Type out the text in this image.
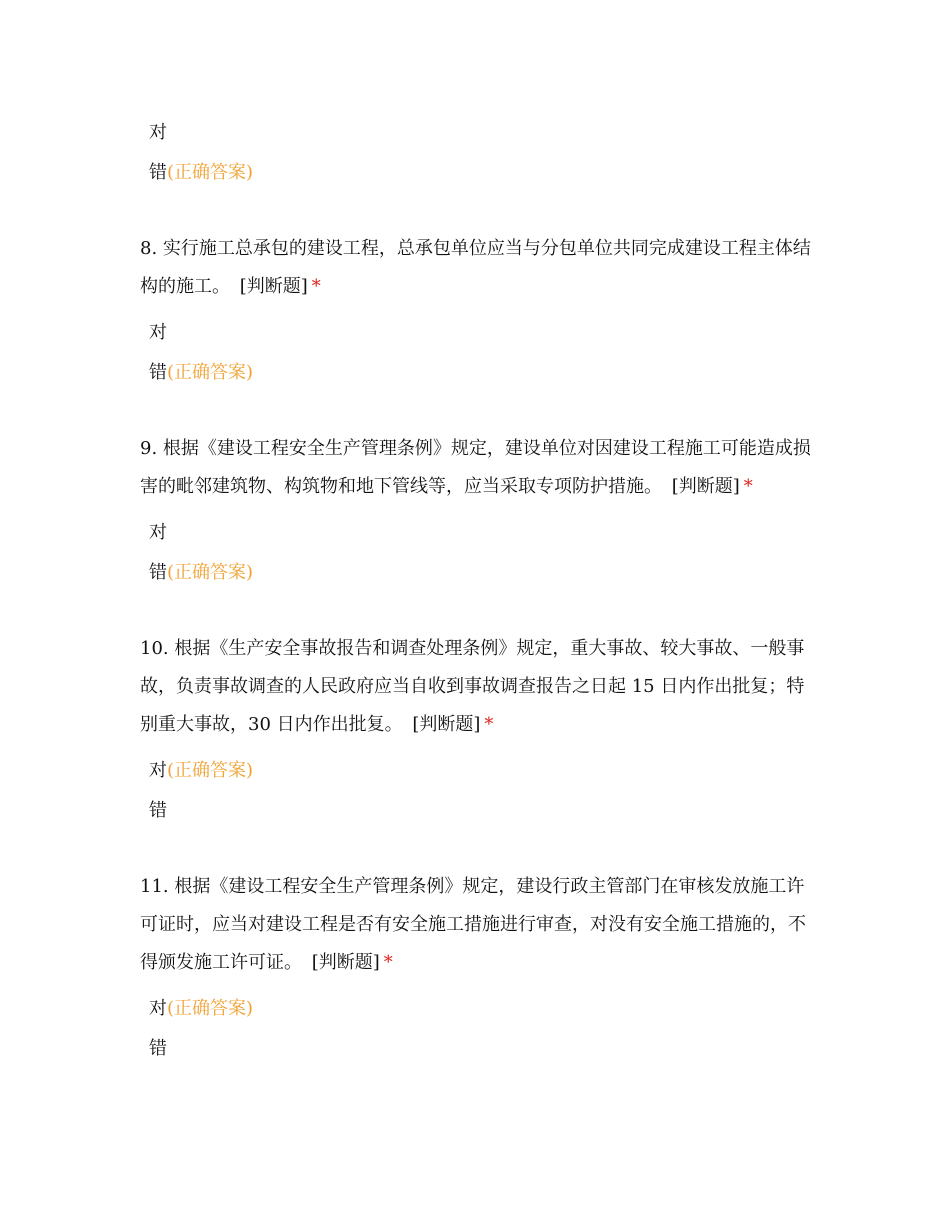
对
错(正确答案)
8. 实行施工总承包的建设工程，总承包单位应当与分包单位共同完成建设工程主体结构的施工。 [判断题] *
对
错(正确答案)
9. 根据《建设工程安全生产管理条例》规定，建设单位对因建设工程施工可能造成损害的毗邻建筑物、构筑物和地下管线等，应当采取专项防护措施。 [判断题] *
对
错(正确答案)
10. 根据《生产安全事故报告和调查处理条例》规定，重大事故、较大事故、一般事故，负责事故调查的人民政府应当自收到事故调查报告之日起 15 日内作出批复；特别重大事故，30 日内作出批复。 [判断题] *
对(正确答案)
错
11. 根据《建设工程安全生产管理条例》规定，建设行政主管部门在审核发放施工许可证时，应当对建设工程是否有安全施工措施进行审查，对没有安全施工措施的，不得颁发施工许可证。 [判断题] *
对(正确答案)
错
